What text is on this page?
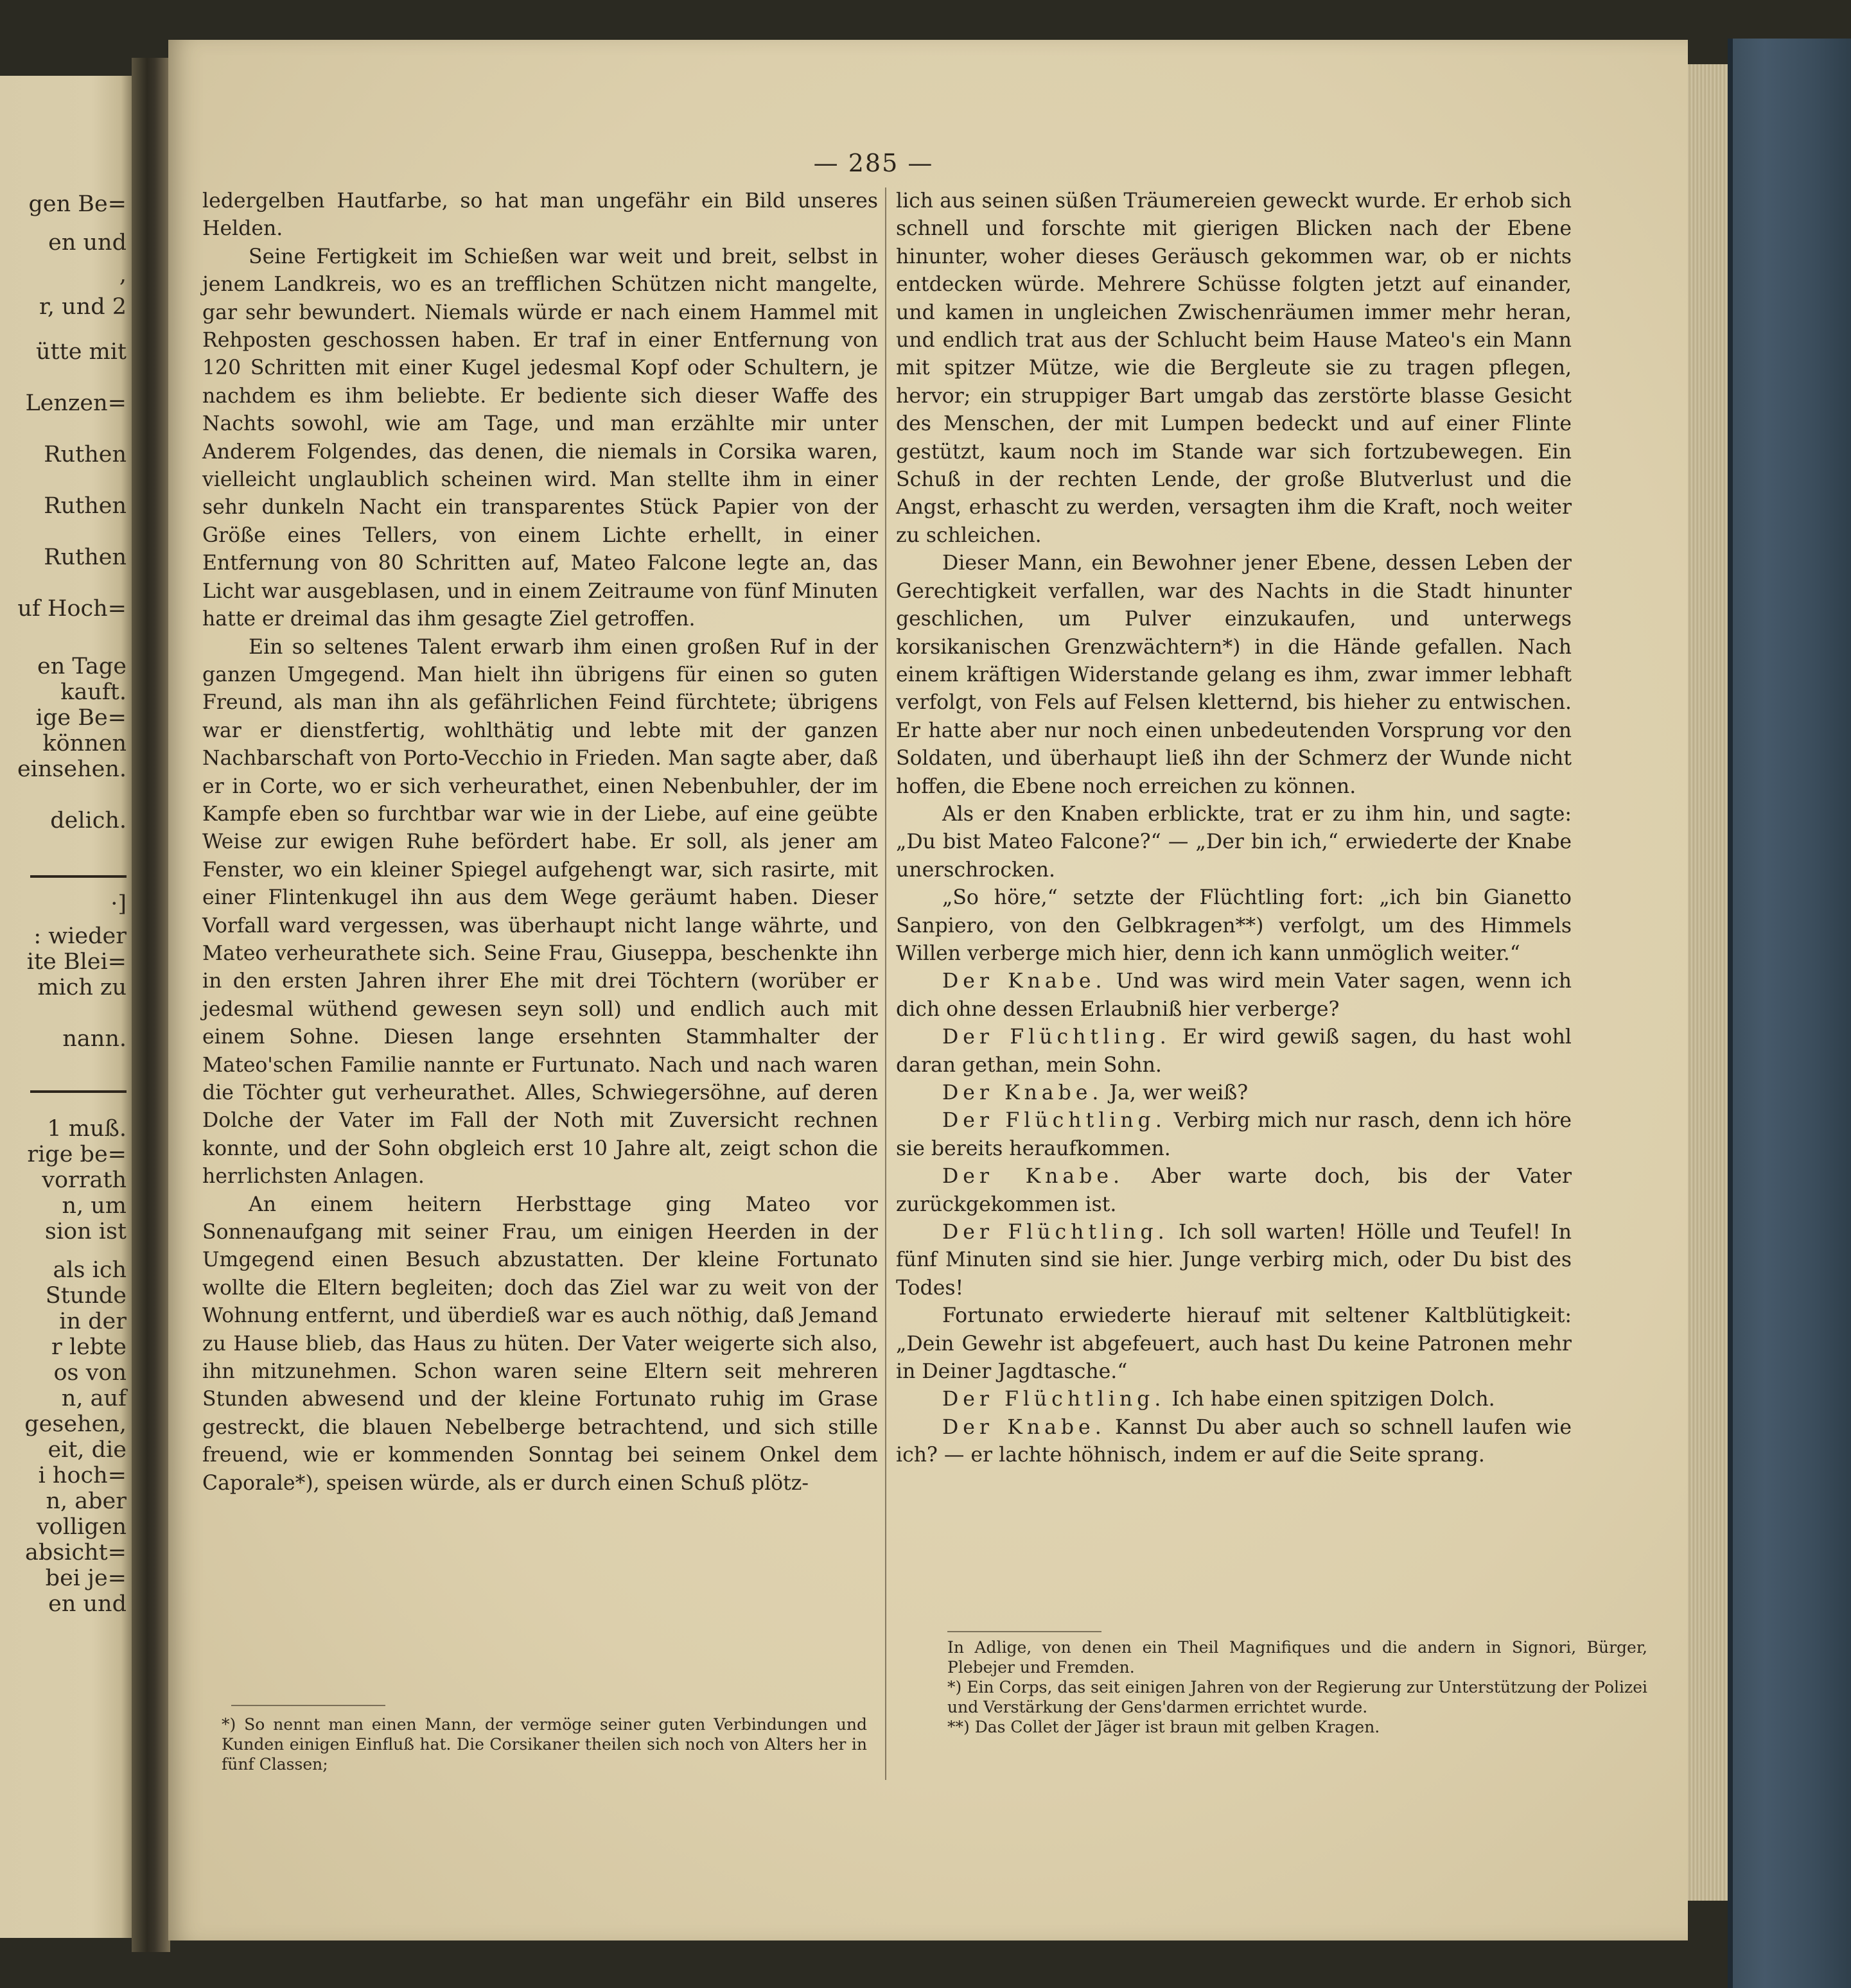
gen Be=
en und
,
r, und 2
ütte mit
Lenzen=
Ruthen
Ruthen
Ruthen
uf Hoch=
en Tage
kauft.
ige Be=
können
einsehen.
delich.
·]
: wieder
ite Blei=
mich zu
nann.
1 muß.
rige be=
vorrath
n, um
sion ist
als ich
Stunde
in der
r lebte
os von
n, auf
gesehen,
eit, die
i hoch=
n, aber
volligen
absicht=
bei je=
en und
— 285 —

ledergelben Hautfarbe, so hat man ungefähr ein Bild unseres Helden.

Seine Fertigkeit im Schießen war weit und breit, selbst in jenem Landkreis, wo es an trefflichen Schützen nicht mangelte, gar sehr bewundert. Niemals würde er nach einem Hammel mit Rehposten geschossen haben. Er traf in einer Entfernung von 120 Schritten mit einer Kugel jedesmal Kopf oder Schultern, je nachdem es ihm beliebte. Er bediente sich dieser Waffe des Nachts sowohl, wie am Tage, und man erzählte mir unter Anderem Folgendes, das denen, die niemals in Corsika waren, vielleicht unglaublich scheinen wird. Man stellte ihm in einer sehr dunkeln Nacht ein transparentes Stück Papier von der Größe eines Tellers, von einem Lichte erhellt, in einer Entfernung von 80 Schritten auf, Mateo Falcone legte an, das Licht war ausgeblasen, und in einem Zeitraume von fünf Minuten hatte er dreimal das ihm gesagte Ziel getroffen.

Ein so seltenes Talent erwarb ihm einen großen Ruf in der ganzen Umgegend. Man hielt ihn übrigens für einen so guten Freund, als man ihn als gefährlichen Feind fürchtete; übrigens war er dienstfertig, wohlthätig und lebte mit der ganzen Nachbarschaft von Porto-Vecchio in Frieden. Man sagte aber, daß er in Corte, wo er sich verheurathet, einen Nebenbuhler, der im Kampfe eben so furchtbar war wie in der Liebe, auf eine geübte Weise zur ewigen Ruhe befördert habe. Er soll, als jener am Fenster, wo ein kleiner Spiegel aufgehengt war, sich rasirte, mit einer Flintenkugel ihn aus dem Wege geräumt haben. Dieser Vorfall ward vergessen, was überhaupt nicht lange währte, und Mateo verheurathete sich. Seine Frau, Giuseppa, beschenkte ihn in den ersten Jahren ihrer Ehe mit drei Töchtern (worüber er jedesmal wüthend gewesen seyn soll) und endlich auch mit einem Sohne. Diesen lange ersehnten Stammhalter der Mateo'schen Familie nannte er Furtunato. Nach und nach waren die Töchter gut verheurathet. Alles, Schwiegersöhne, auf deren Dolche der Vater im Fall der Noth mit Zuversicht rechnen konnte, und der Sohn obgleich erst 10 Jahre alt, zeigt schon die herrlichsten Anlagen.

An einem heitern Herbsttage ging Mateo vor Sonnenaufgang mit seiner Frau, um einigen Heerden in der Umgegend einen Besuch abzustatten. Der kleine Fortunato wollte die Eltern begleiten; doch das Ziel war zu weit von der Wohnung entfernt, und überdieß war es auch nöthig, daß Jemand zu Hause blieb, das Haus zu hüten. Der Vater weigerte sich also, ihn mitzunehmen. Schon waren seine Eltern seit mehreren Stunden abwesend und der kleine Fortunato ruhig im Grase gestreckt, die blauen Nebelberge betrachtend, und sich stille freuend, wie er kommenden Sonntag bei seinem Onkel dem Caporale*), speisen würde, als er durch einen Schuß plötz-

lich aus seinen süßen Träumereien geweckt wurde. Er erhob sich schnell und forschte mit gierigen Blicken nach der Ebene hinunter, woher dieses Geräusch gekommen war, ob er nichts entdecken würde. Mehrere Schüsse folgten jetzt auf einander, und kamen in ungleichen Zwischenräumen immer mehr heran, und endlich trat aus der Schlucht beim Hause Mateo's ein Mann mit spitzer Mütze, wie die Bergleute sie zu tragen pflegen, hervor; ein struppiger Bart umgab das zerstörte blasse Gesicht des Menschen, der mit Lumpen bedeckt und auf einer Flinte gestützt, kaum noch im Stande war sich fortzubewegen. Ein Schuß in der rechten Lende, der große Blutverlust und die Angst, erhascht zu werden, versagten ihm die Kraft, noch weiter zu schleichen.

Dieser Mann, ein Bewohner jener Ebene, dessen Leben der Gerechtigkeit verfallen, war des Nachts in die Stadt hinunter geschlichen, um Pulver einzukaufen, und unterwegs korsikanischen Grenzwächtern*) in die Hände gefallen. Nach einem kräftigen Widerstande gelang es ihm, zwar immer lebhaft verfolgt, von Fels auf Felsen kletternd, bis hieher zu entwischen. Er hatte aber nur noch einen unbedeutenden Vorsprung vor den Soldaten, und überhaupt ließ ihn der Schmerz der Wunde nicht hoffen, die Ebene noch erreichen zu können.

Als er den Knaben erblickte, trat er zu ihm hin, und sagte: „Du bist Mateo Falcone?“ — „Der bin ich,“ erwiederte der Knabe unerschrocken.

„So höre,“ setzte der Flüchtling fort: „ich bin Gianetto Sanpiero, von den Gelbkragen**) verfolgt, um des Himmels Willen verberge mich hier, denn ich kann unmöglich weiter.“

Der Knabe. Und was wird mein Vater sagen, wenn ich dich ohne dessen Erlaubniß hier verberge?

Der Flüchtling. Er wird gewiß sagen, du hast wohl daran gethan, mein Sohn.

Der Knabe. Ja, wer weiß?

Der Flüchtling. Verbirg mich nur rasch, denn ich höre sie bereits heraufkommen.

Der Knabe. Aber warte doch, bis der Vater zurückgekommen ist.

Der Flüchtling. Ich soll warten! Hölle und Teufel! In fünf Minuten sind sie hier. Junge verbirg mich, oder Du bist des Todes!

Fortunato erwiederte hierauf mit seltener Kaltblütigkeit: „Dein Gewehr ist abgefeuert, auch hast Du keine Patronen mehr in Deiner Jagdtasche.“

Der Flüchtling. Ich habe einen spitzigen Dolch.

Der Knabe. Kannst Du aber auch so schnell laufen wie ich? — er lachte höhnisch, indem er auf die Seite sprang.

*) So nennt man einen Mann, der vermöge seiner guten Verbindungen und Kunden einigen Einfluß hat. Die Corsikaner theilen sich noch von Alters her in fünf Classen;

In Adlige, von denen ein Theil Magnifiques und die andern in Signori, Bürger, Plebejer und Fremden.

*) Ein Corps, das seit einigen Jahren von der Regierung zur Unterstützung der Polizei und Verstärkung der Gens'darmen errichtet wurde.

**) Das Collet der Jäger ist braun mit gelben Kragen.
